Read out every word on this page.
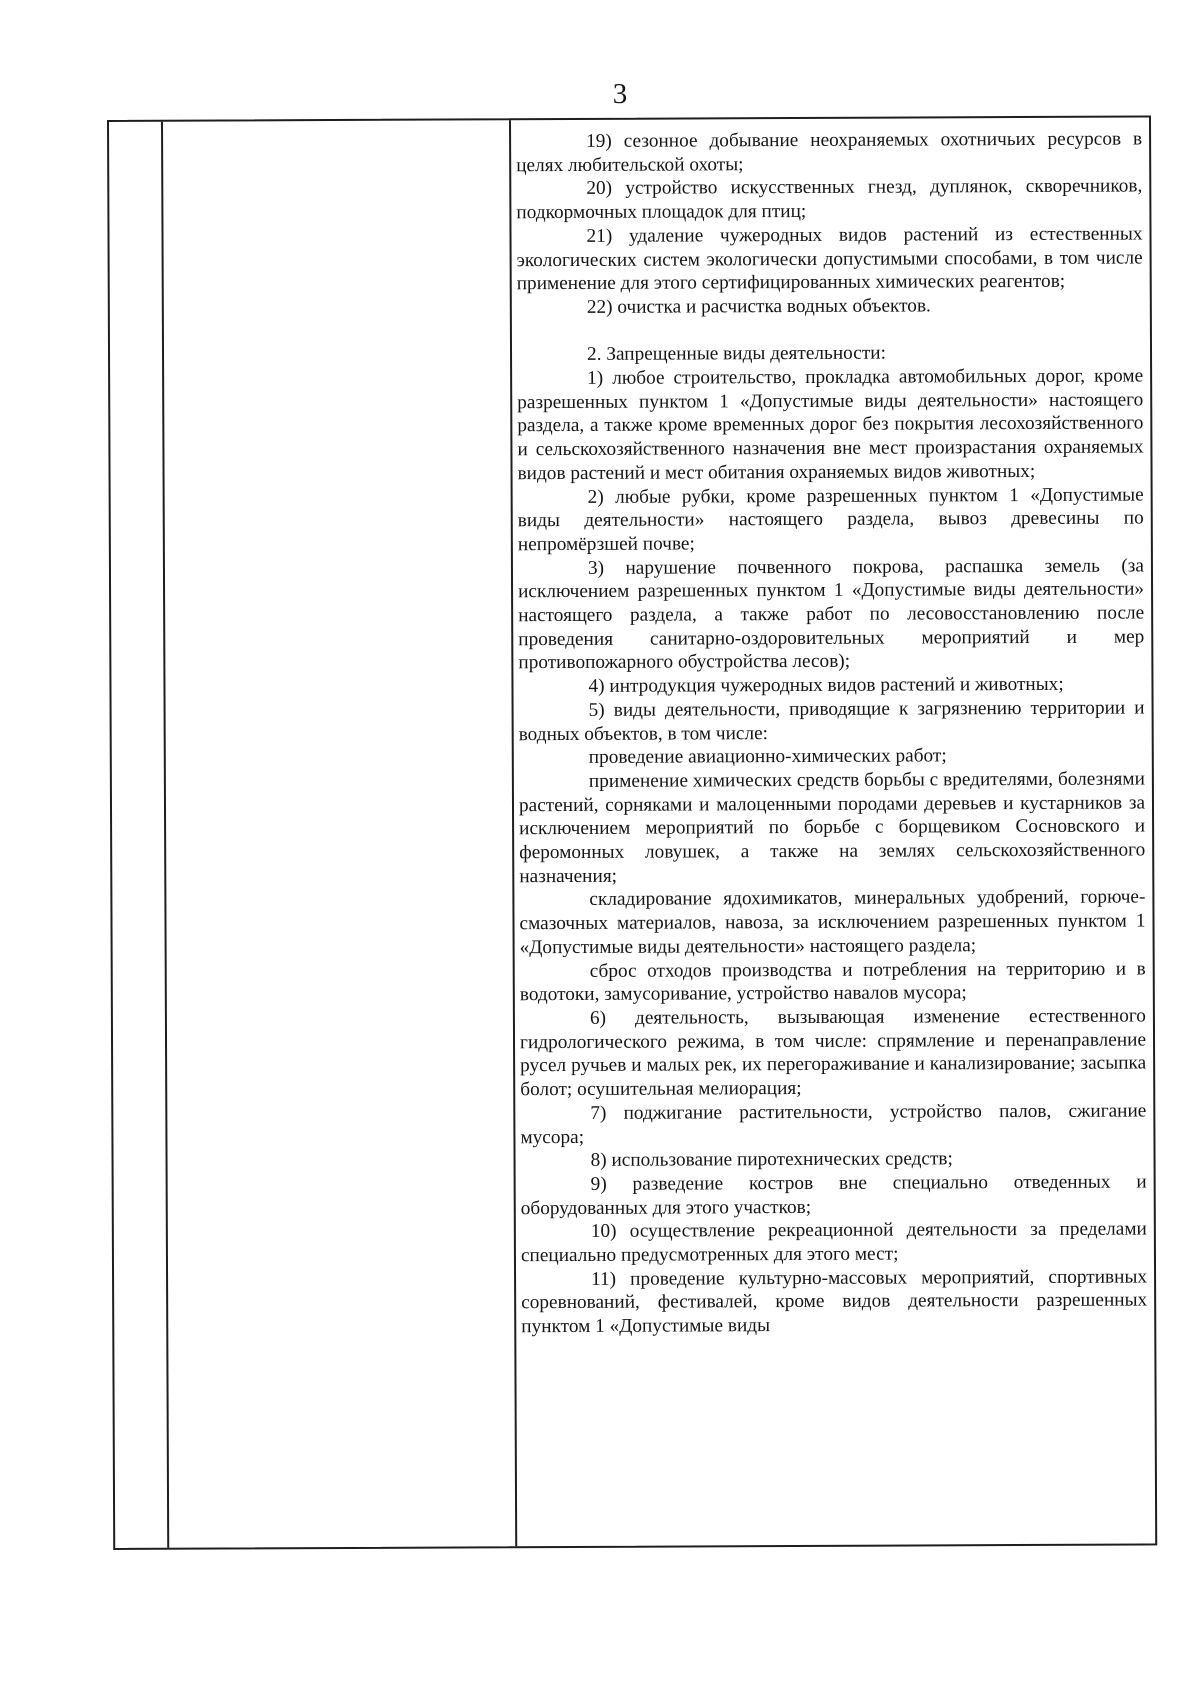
3

19) сезонное добывание неохраняемых охотничьих ресурсов в целях любительской охоты;

20) устройство искусственных гнезд, дуплянок, скворечников, подкормочных площадок для птиц;

21) удаление чужеродных видов растений из естественных экологических систем экологически допустимыми способами, в том числе применение для этого сертифицированных химических реагентов;

22) очистка и расчистка водных объектов.

2. Запрещенные виды деятельности:

1) любое строительство, прокладка автомобильных дорог, кроме разрешенных пунктом 1 «Допустимые виды деятельности» настоящего раздела, а также кроме временных дорог без покрытия лесохозяйственного и сельскохозяйственного назначения вне мест произрастания охраняемых видов растений и мест обитания охраняемых видов животных;

2) любые рубки, кроме разрешенных пунктом 1 «Допустимые виды деятельности» настоящего раздела, вывоз древесины по непромёрзшей почве;

3) нарушение почвенного покрова, распашка земель (за исключением разрешенных пунктом 1 «Допустимые виды деятельности» настоящего раздела, а также работ по лесовосстановлению после проведения санитарно-оздоровительных мероприятий и мер противопожарного обустройства лесов);

4) интродукция чужеродных видов растений и животных;

5) виды деятельности, приводящие к загрязнению территории и водных объектов, в том числе:

проведение авиационно-химических работ;

применение химических средств борьбы с вредителями, болезнями растений, сорняками и малоценными породами деревьев и кустарников за исключением мероприятий по борьбе с борщевиком Сосновского и феромонных ловушек, а также на землях сельскохозяйственного назначения;

складирование ядохимикатов, минеральных удобрений, горюче-смазочных материалов, навоза, за исключением разрешенных пунктом 1 «Допустимые виды деятельности» настоящего раздела;

сброс отходов производства и потребления на территорию и в водотоки, замусоривание, устройство навалов мусора;

6) деятельность, вызывающая изменение естественного гидрологического режима, в том числе: спрямление и перенаправление русел ручьев и малых рек, их перегораживание и канализирование; засыпка болот; осушительная мелиорация;

7) поджигание растительности, устройство палов, сжигание мусора;

8) использование пиротехнических средств;

9) разведение костров вне специально отведенных и оборудованных для этого участков;

10) осуществление рекреационной деятельности за пределами специально предусмотренных для этого мест;

11) проведение культурно-массовых мероприятий, спортивных соревнований, фестивалей, кроме видов деятельности разрешенных пунктом 1 «Допустимые виды
